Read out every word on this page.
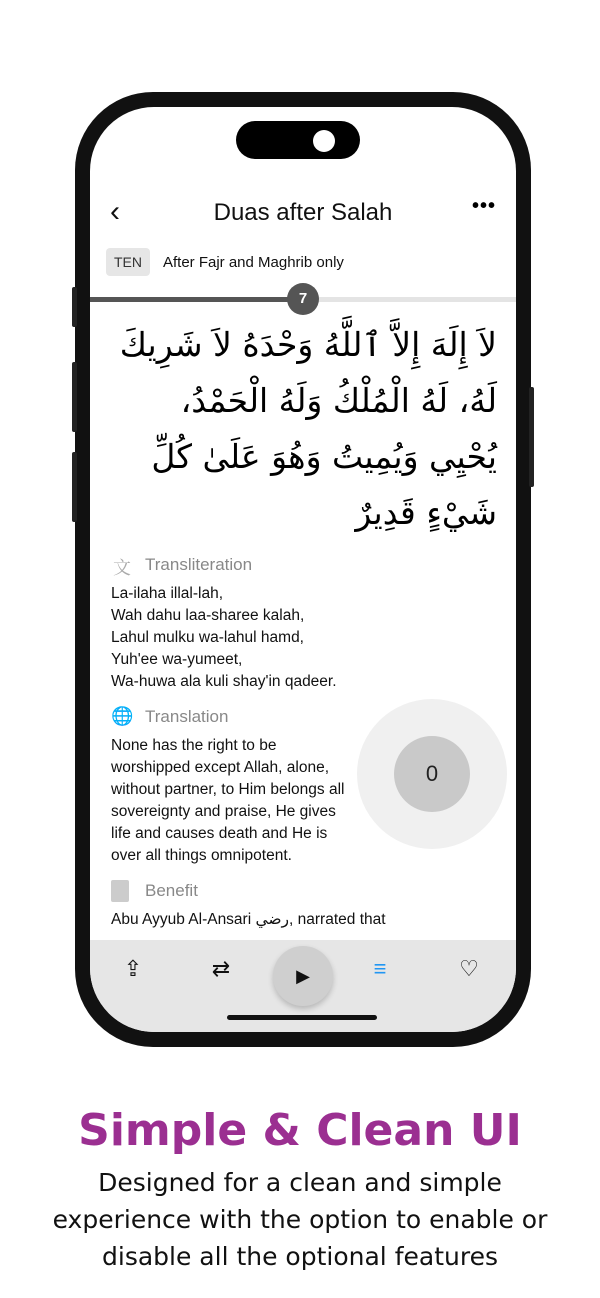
‹	Duas after Salah	•••
TEN	After Fajr and Maghrib only
7
لاَ إِلَهَ إِلاَّ ٱللَّهُ وَحْدَهُ لاَ شَرِيكَ لَهُ، لَهُ الْمُلْكُ وَلَهُ الْحَمْدُ، يُحْيِي وَيُمِيتُ وَهُوَ عَلَىٰ كُلِّ شَيْءٍ قَدِيرٌ
文 Transliteration
La-ilaha illal-lah,
Wah dahu laa-sharee kalah,
Lahul mulku wa-lahul hamd,
Yuh'ee wa-yumeet,
Wa-huwa ala kuli shay'in qadeer.
🌐 Translation
0
None has the right to be worshipped except Allah, alone, without partner, to Him belongs all sovereignty and praise, He gives life and causes death and He is over all things omnipotent.
Benefit
Abu Ayyub Al-Ansari رضي, narrated that
⇪	⇄	▶	≡	♡
Simple & Clean UI

Designed for a clean and simple experience with the option to enable or disable all the optional features
